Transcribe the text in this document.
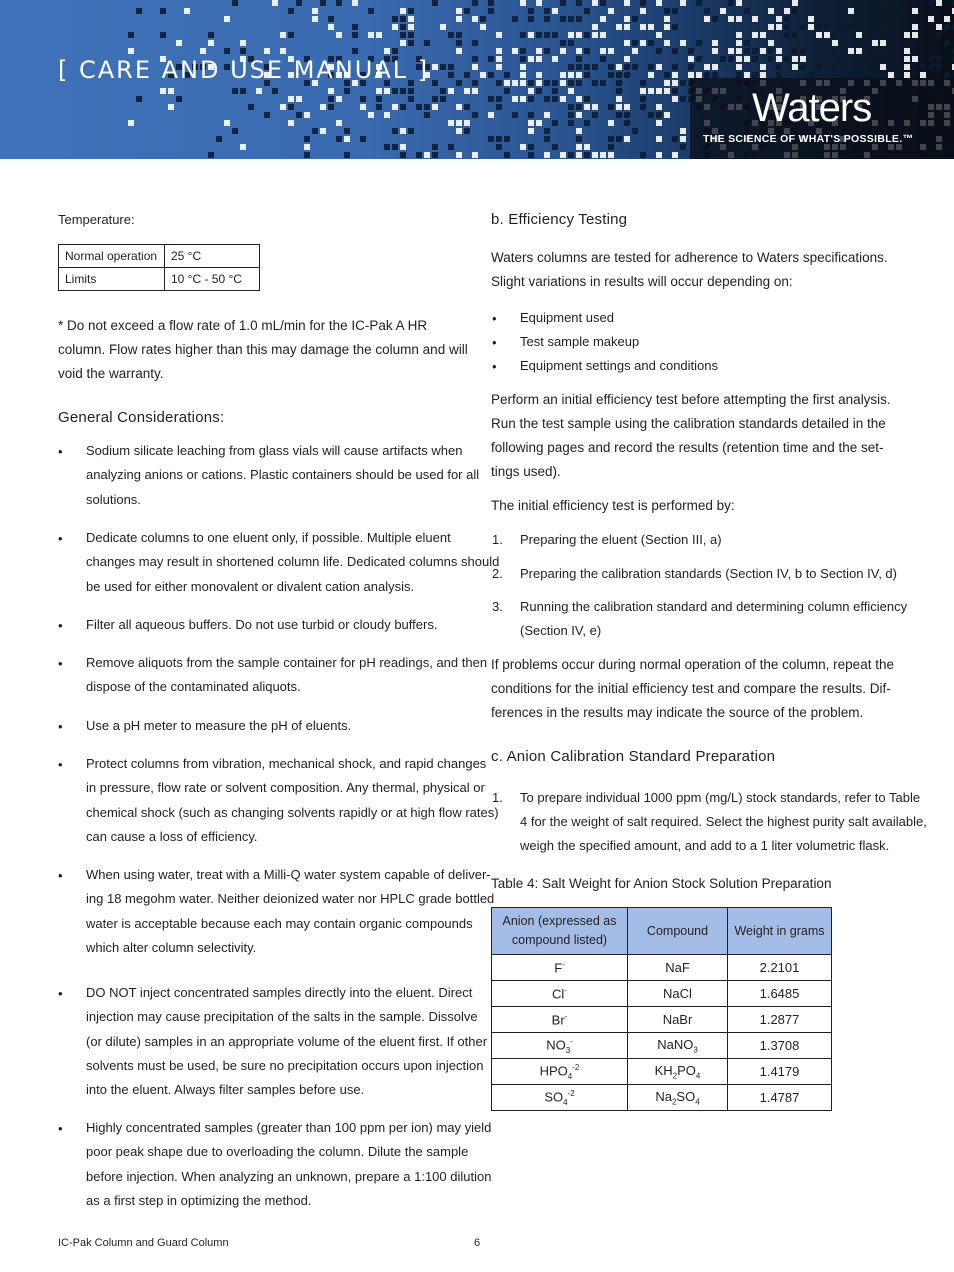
[ CARE AND USE MANUAL ]
Waters
THE SCIENCE OF WHAT'S POSSIBLE.™
Temperature:
Normal operation	25 °C
Limits	10 °C - 50 °C
* Do not exceed a flow rate of 1.0 mL/min for the IC-Pak A HR
column. Flow rates higher than this may damage the column and will
void the warranty.
General Considerations:
• Sodium silicate leaching from glass vials will cause artifacts when
analyzing anions or cations. Plastic containers should be used for all
solutions.
• Dedicate columns to one eluent only, if possible. Multiple eluent
changes may result in shortened column life. Dedicated columns should
be used for either monovalent or divalent cation analysis.
• Filter all aqueous buffers. Do not use turbid or cloudy buffers.
• Remove aliquots from the sample container for pH readings, and then
dispose of the contaminated aliquots.
• Use a pH meter to measure the pH of eluents.
• Protect columns from vibration, mechanical shock, and rapid changes
in pressure, flow rate or solvent composition. Any thermal, physical or
chemical shock (such as changing solvents rapidly or at high flow rates)
can cause a loss of efficiency.
• When using water, treat with a Milli-Q water system capable of deliver-
ing 18 megohm water. Neither deionized water nor HPLC grade bottled
water is acceptable because each may contain organic compounds
which alter column selectivity.
• DO NOT inject concentrated samples directly into the eluent. Direct
injection may cause precipitation of the salts in the sample. Dissolve
(or dilute) samples in an appropriate volume of the eluent first. If other
solvents must be used, be sure no precipitation occurs upon injection
into the eluent. Always filter samples before use.
• Highly concentrated samples (greater than 100 ppm per ion) may yield
poor peak shape due to overloading the column. Dilute the sample
before injection. When analyzing an unknown, prepare a 1:100 dilution
as a first step in optimizing the method.
b. Efficiency Testing
Waters columns are tested for adherence to Waters specifications.
Slight variations in results will occur depending on:
• Equipment used
• Test sample makeup
• Equipment settings and conditions
Perform an initial efficiency test before attempting the first analysis.
Run the test sample using the calibration standards detailed in the
following pages and record the results (retention time and the set-
tings used).
The initial efficiency test is performed by:
1. Preparing the eluent (Section III, a)
2. Preparing the calibration standards (Section IV, b to Section IV, d)
3. Running the calibration standard and determining column efficiency
(Section IV, e)
If problems occur during normal operation of the column, repeat the
conditions for the initial efficiency test and compare the results. Dif-
ferences in the results may indicate the source of the problem.
c. Anion Calibration Standard Preparation
1. To prepare individual 1000 ppm (mg/L) stock standards, refer to Table
4 for the weight of salt required. Select the highest purity salt available,
weigh the specified amount, and add to a 1 liter volumetric flask.
Table 4: Salt Weight for Anion Stock Solution Preparation
Anion (expressed as compound listed)	Compound	Weight in grams
F-	NaF	2.2101
Cl-	NaCl	1.6485
Br-	NaBr	1.2877
$NO_3^-$	NaNO$_3$	1.3708
$HPO_4^{-2}$	$KH_2PO_4$	1.4179
$SO_4^{-2}$	$Na_2SO_4$	1.4787
IC-Pak Column and Guard Column	6
